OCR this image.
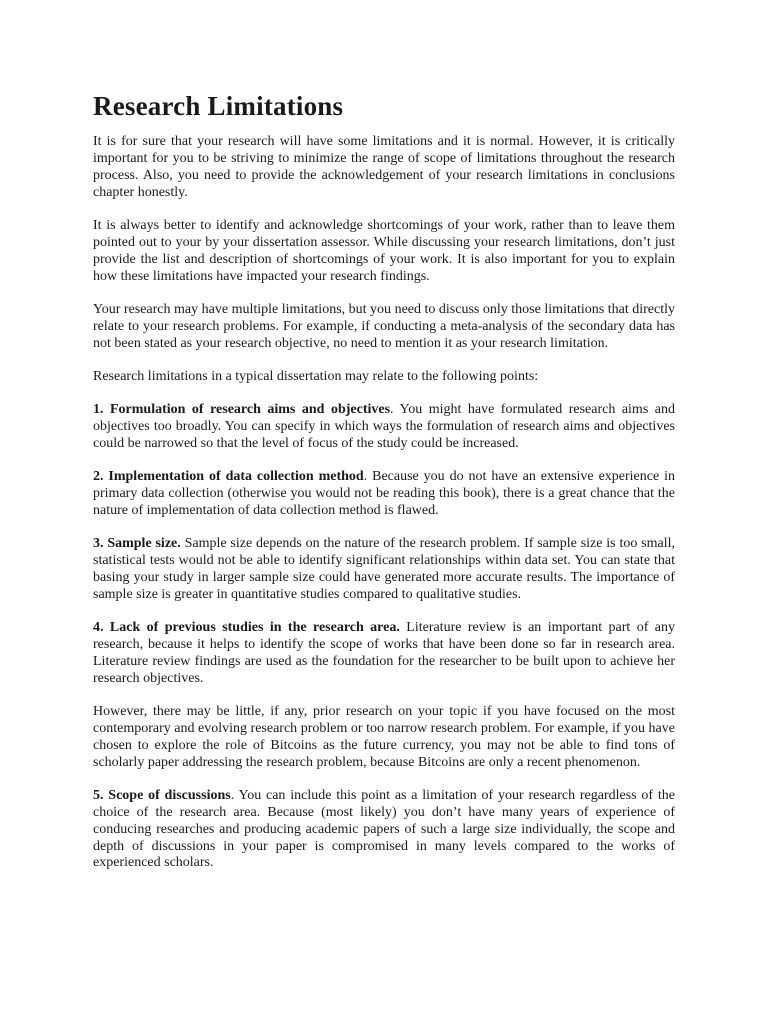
Research Limitations

It is for sure that your research will have some limitations and it is normal. However, it is critically important for you to be striving to minimize the range of scope of limitations throughout the research process. Also, you need to provide the acknowledgement of your research limitations in conclusions chapter honestly.

It is always better to identify and acknowledge shortcomings of your work, rather than to leave them pointed out to your by your dissertation assessor. While discussing your research limitations, don’t just provide the list and description of shortcomings of your work. It is also important for you to explain how these limitations have impacted your research findings.

Your research may have multiple limitations, but you need to discuss only those limitations that directly relate to your research problems. For example, if conducting a meta-analysis of the secondary data has not been stated as your research objective, no need to mention it as your research limitation.

Research limitations in a typical dissertation may relate to the following points:

1. Formulation of research aims and objectives. You might have formulated research aims and objectives too broadly. You can specify in which ways the formulation of research aims and objectives could be narrowed so that the level of focus of the study could be increased.

2. Implementation of data collection method. Because you do not have an extensive experience in primary data collection (otherwise you would not be reading this book), there is a great chance that the nature of implementation of data collection method is flawed.

3. Sample size. Sample size depends on the nature of the research problem. If sample size is too small, statistical tests would not be able to identify significant relationships within data set. You can state that basing your study in larger sample size could have generated more accurate results. The importance of sample size is greater in quantitative studies compared to qualitative studies.

4. Lack of previous studies in the research area. Literature review is an important part of any research, because it helps to identify the scope of works that have been done so far in research area. Literature review findings are used as the foundation for the researcher to be built upon to achieve her research objectives.

However, there may be little, if any, prior research on your topic if you have focused on the most contemporary and evolving research problem or too narrow research problem. For example, if you have chosen to explore the role of Bitcoins as the future currency, you may not be able to find tons of scholarly paper addressing the research problem, because Bitcoins are only a recent phenomenon.

5. Scope of discussions. You can include this point as a limitation of your research regardless of the choice of the research area. Because (most likely) you don’t have many years of experience of conducing researches and producing academic papers of such a large size individually, the scope and depth of discussions in your paper is compromised in many levels compared to the works of experienced scholars.
